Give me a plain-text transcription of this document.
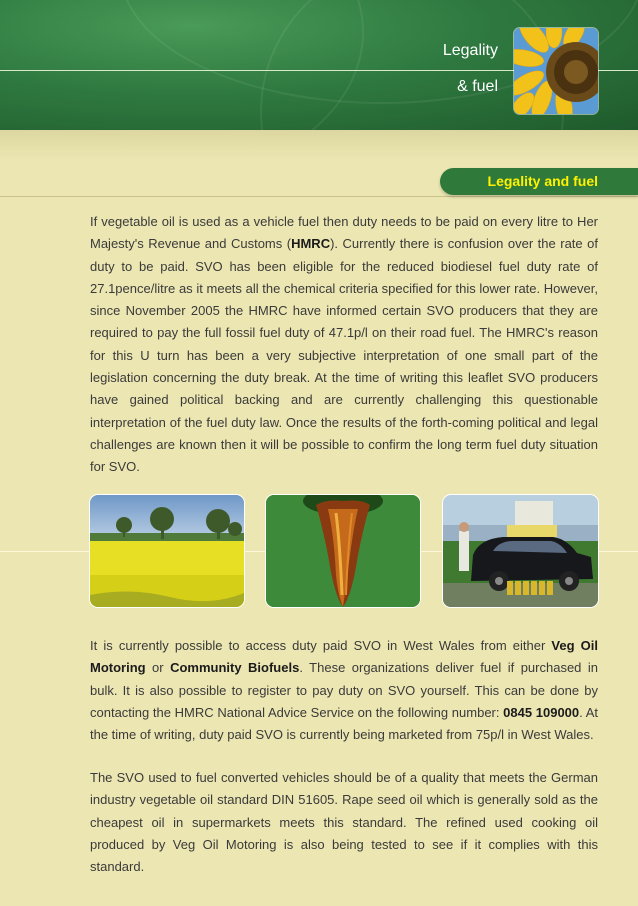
Legality
& fuel
Legality and fuel

If vegetable oil is used as a vehicle fuel then duty needs to be paid on every litre to Her Majesty's Revenue and Customs (HMRC). Currently there is confusion over the rate of duty to be paid. SVO has been eligible for the reduced biodiesel fuel duty rate of 27.1pence/litre as it meets all the chemical criteria specified for this lower rate. However, since November 2005 the HMRC have informed certain SVO producers that they are required to pay the full fossil fuel duty of 47.1p/l on their road fuel. The HMRC's reason for this U turn has been a very subjective interpretation of one small part of the legislation concerning the duty break. At the time of writing this leaflet SVO producers have gained political backing and are currently challenging this questionable interpretation of the fuel duty law. Once the results of the forth-coming political and legal challenges are known then it will be possible to confirm the long term fuel duty situation for SVO.

It is currently possible to access duty paid SVO in West Wales from either Veg Oil Motoring or Community Biofuels. These organizations deliver fuel if purchased in bulk. It is also possible to register to pay duty on SVO yourself. This can be done by contacting the HMRC National Advice Service on the following number: 0845 109000. At the time of writing, duty paid SVO is currently being marketed from 75p/l in West Wales.

The SVO used to fuel converted vehicles should be of a quality that meets the German industry vegetable oil standard DIN 51605. Rape seed oil which is generally sold as the cheapest oil in supermarkets meets this standard. The refined used cooking oil produced by Veg Oil Motoring is also being tested to see if it complies with this standard.
